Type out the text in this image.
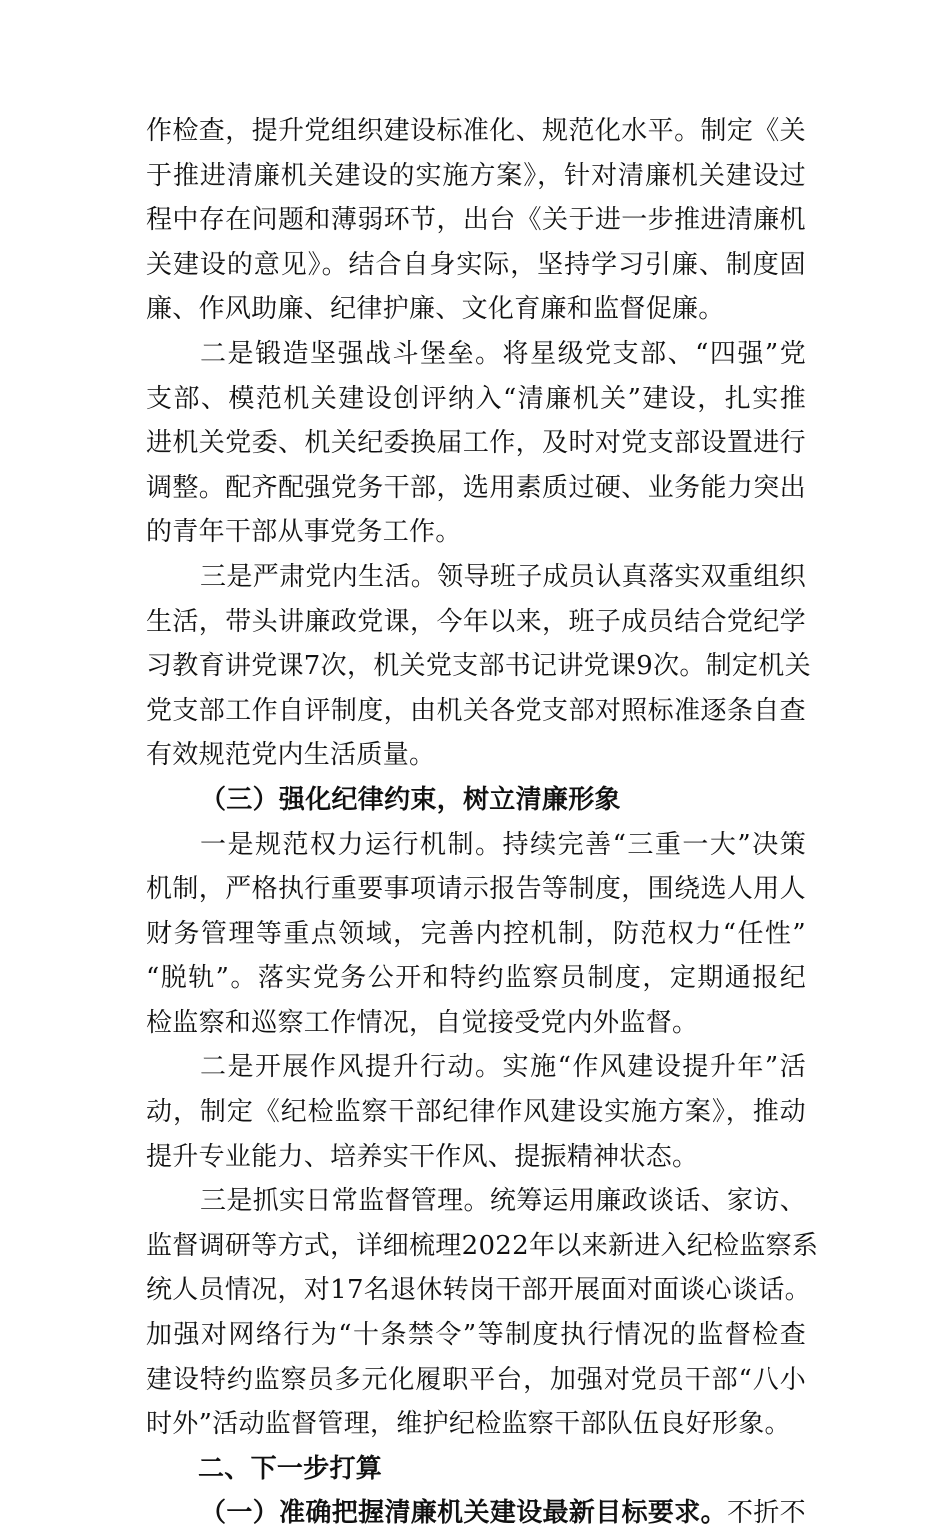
作检查，提升党组织建设标准化、规范化水平。制定《关
于推进清廉机关建设的实施方案》，针对清廉机关建设过
程中存在问题和薄弱环节，出台《关于进一步推进清廉机
关建设的意见》。结合自身实际，坚持学习引廉、制度固
廉、作风助廉、纪律护廉、文化育廉和监督促廉。
二是锻造坚强战斗堡垒。将星级党支部、“四强”党
支部、模范机关建设创评纳入“清廉机关”建设，扎实推
进机关党委、机关纪委换届工作，及时对党支部设置进行
调整。配齐配强党务干部，选用素质过硬、业务能力突出
的青年干部从事党务工作。
三是严肃党内生活。领导班子成员认真落实双重组织
生活，带头讲廉政党课，今年以来，班子成员结合党纪学
习教育讲党课7次，机关党支部书记讲党课9次。制定机关
党支部工作自评制度，由机关各党支部对照标准逐条自查
有效规范党内生活质量。
（三）强化纪律约束，树立清廉形象
一是规范权力运行机制。持续完善“三重一大”决策
机制，严格执行重要事项请示报告等制度，围绕选人用人
财务管理等重点领域，完善内控机制，防范权力“任性”
“脱轨”。落实党务公开和特约监察员制度，定期通报纪
检监察和巡察工作情况，自觉接受党内外监督。
二是开展作风提升行动。实施“作风建设提升年”活
动，制定《纪检监察干部纪律作风建设实施方案》，推动
提升专业能力、培养实干作风、提振精神状态。
三是抓实日常监督管理。统筹运用廉政谈话、家访、
监督调研等方式，详细梳理2022年以来新进入纪检监察系
统人员情况，对17名退休转岗干部开展面对面谈心谈话。
加强对网络行为“十条禁令”等制度执行情况的监督检查
建设特约监察员多元化履职平台，加强对党员干部“八小
时外”活动监督管理，维护纪检监察干部队伍良好形象。
二、下一步打算
（一）准确把握清廉机关建设最新目标要求。不折不
